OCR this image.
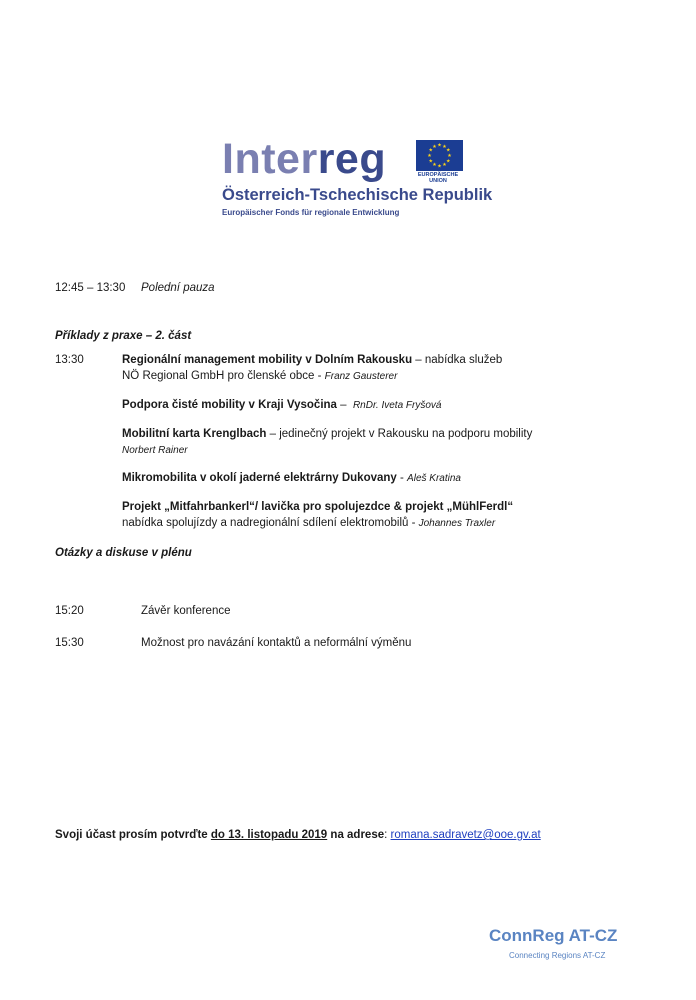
Interreg	★ ★
★
★
★
★
★
★
★
★
★
★
EUROPÄISCHE
UNION
Österreich-Tschechische Republik
Europäischer Fonds für regionale Entwicklung
12:45 – 13:30 Polední pauza
Příklady z praxe – 2. část
13:30	Regionální management mobility v Dolním Rakousku – nabídka služeb
NÖ Regional GmbH pro členské obce - Franz Gausterer
Podpora čisté mobility v Kraji Vysočina –  RnDr. Iveta Fryšová
Mobilitní karta Krenglbach – jedinečný projekt v Rakousku na podporu mobility
Norbert Rainer
Mikromobilita v okolí jaderné elektrárny Dukovany - Aleš Kratina
Projekt „Mitfahrbankerl“/ lavička pro spolujezdce & projekt „MühlFerdl“
nabídka spolujízdy a nadregionální sdílení elektromobilů - Johannes Traxler
Otázky a diskuse v plénu
15:20	Závěr konference
15:30	Možnost pro navázání kontaktů a neformální výměnu
Svoji účast prosím potvrďte do 13. listopadu 2019 na adrese: romana.sadravetz@ooe.gv.at
ConnReg AT-CZ
Connecting Regions AT-CZ
